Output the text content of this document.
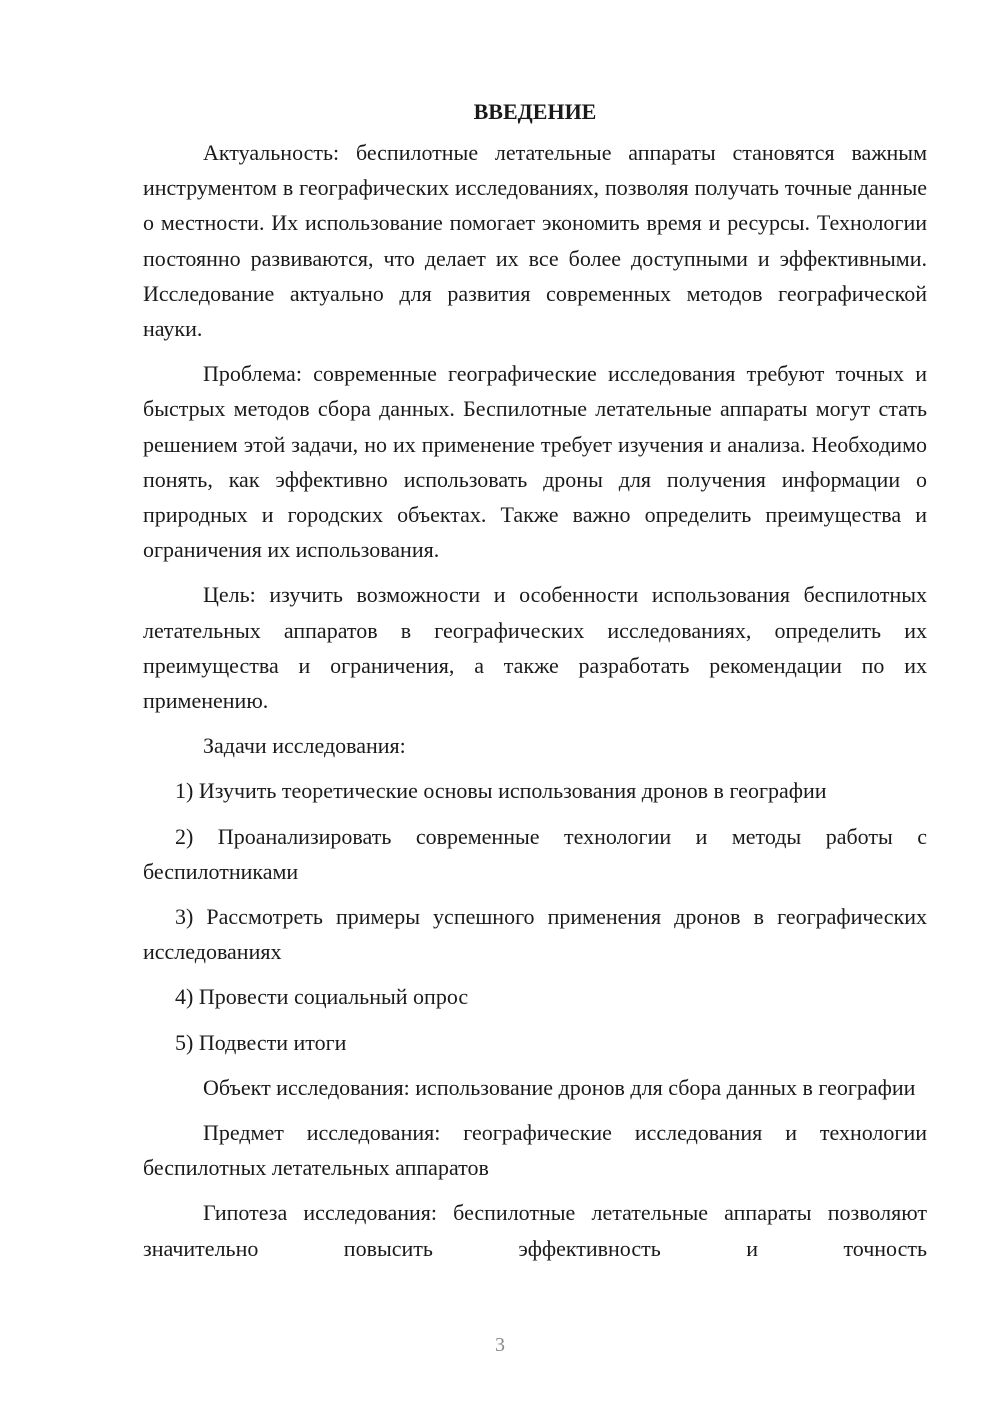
ВВЕДЕНИЕ

Актуальность: беспилотные летательные аппараты становятся важным инструментом в географических исследованиях, позволяя получать точные данные о местности. Их использование помогает экономить время и ресурсы. Технологии постоянно развиваются, что делает их все более доступными и эффективными. Исследование актуально для развития современных методов географической науки.

Проблема: современные географические исследования требуют точных и быстрых методов сбора данных. Беспилотные летательные аппараты могут стать решением этой задачи, но их применение требует изучения и анализа. Необходимо понять, как эффективно использовать дроны для получения информации о природных и городских объектах. Также важно определить преимущества и ограничения их использования.

Цель: изучить возможности и особенности использования беспилотных летательных аппаратов в географических исследованиях, определить их преимущества и ограничения, а также разработать рекомендации по их применению.

Задачи исследования:

1) Изучить теоретические основы использования дронов в географии

2) Проанализировать современные технологии и методы работы с беспилотниками

3) Рассмотреть примеры успешного применения дронов в географических исследованиях

4) Провести социальный опрос

5) Подвести итоги

Объект исследования: использование дронов для сбора данных в географии

Предмет исследования: географические исследования и технологии беспилотных летательных аппаратов

Гипотеза исследования: беспилотные летательные аппараты позволяют значительно повысить эффективность и точность

3
